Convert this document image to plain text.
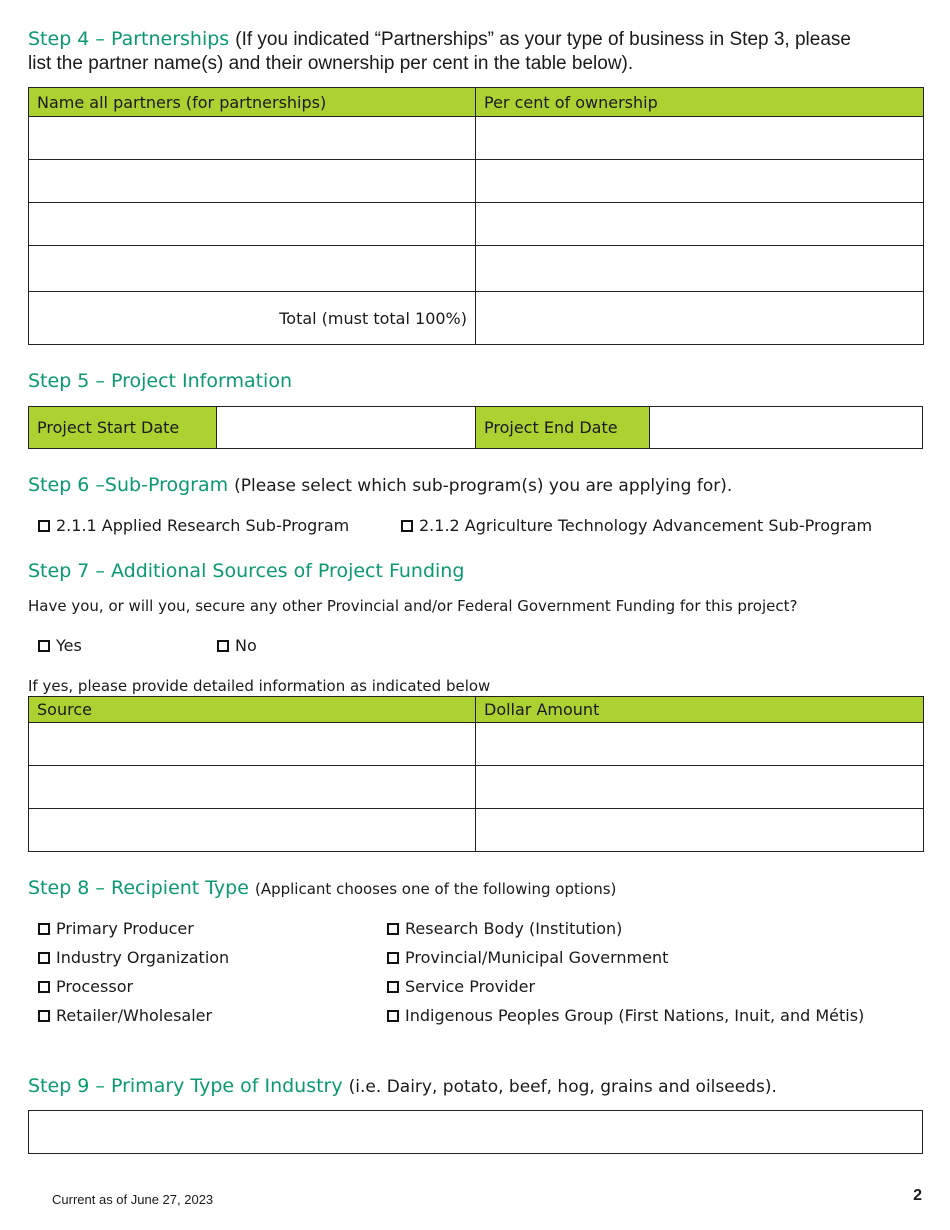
Step 4 – Partnerships (If you indicated “Partnerships” as your type of business in Step 3, please
list the partner name(s) and their ownership per cent in the table below).
Name all partners (for partnerships)	Per cent of ownership

Total (must total 100%)	
Step 5 – Project Information
Project Start Date		Project End Date	
Step 6 –Sub-Program (Please select which sub-program(s) you are applying for).
2.1.1 Applied Research Sub-Program	2.1.2 Agriculture Technology Advancement Sub-Program
Step 7 – Additional Sources of Project Funding
Have you, or will you, secure any other Provincial and/or Federal Government Funding for this project?
Yes	No
If yes, please provide detailed information as indicated below
Source	Dollar Amount

Step 8 – Recipient Type (Applicant chooses one of the following options)
Primary Producer
Industry Organization
Processor
Retailer/Wholesaler
Research Body (Institution)
Provincial/Municipal Government
Service Provider
Indigenous Peoples Group (First Nations, Inuit, and Métis)
Step 9 – Primary Type of Industry (i.e. Dairy, potato, beef, hog, grains and oilseeds).
Current as of June 27, 2023	2
